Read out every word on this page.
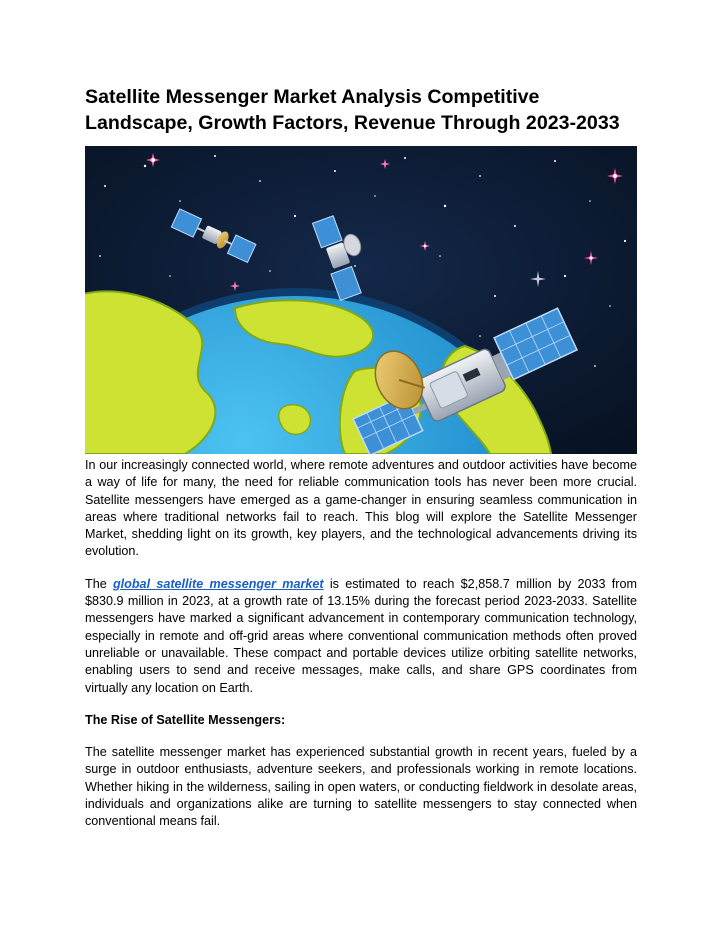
Satellite Messenger Market Analysis Competitive Landscape, Growth Factors, Revenue Through 2023-2033

In our increasingly connected world, where remote adventures and outdoor activities have become a way of life for many, the need for reliable communication tools has never been more crucial. Satellite messengers have emerged as a game-changer in ensuring seamless communication in areas where traditional networks fail to reach. This blog will explore the Satellite Messenger Market, shedding light on its growth, key players, and the technological advancements driving its evolution.

The global satellite messenger market is estimated to reach $2,858.7 million by 2033 from $830.9 million in 2023, at a growth rate of 13.15% during the forecast period 2023-2033. Satellite messengers have marked a significant advancement in contemporary communication technology, especially in remote and off-grid areas where conventional communication methods often proved unreliable or unavailable. These compact and portable devices utilize orbiting satellite networks, enabling users to send and receive messages, make calls, and share GPS coordinates from virtually any location on Earth.

The Rise of Satellite Messengers:

The satellite messenger market has experienced substantial growth in recent years, fueled by a surge in outdoor enthusiasts, adventure seekers, and professionals working in remote locations. Whether hiking in the wilderness, sailing in open waters, or conducting fieldwork in desolate areas, individuals and organizations alike are turning to satellite messengers to stay connected when conventional means fail.
